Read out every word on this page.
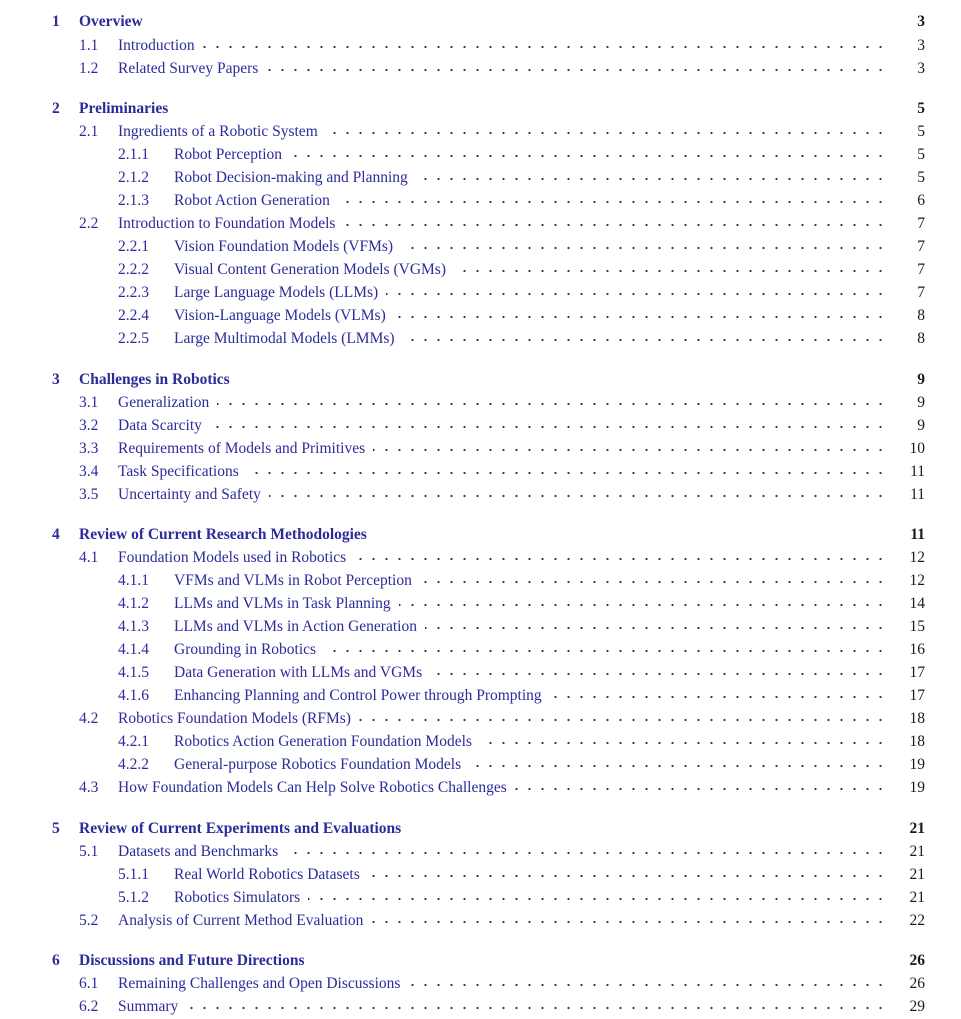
1 Overview	3
1.1 Introduction	3
1.2 Related Survey Papers	3
2 Preliminaries	5
2.1 Ingredients of a Robotic System	5
2.1.1 Robot Perception	5
2.1.2 Robot Decision-making and Planning	5
2.1.3 Robot Action Generation	6
2.2 Introduction to Foundation Models	7
2.2.1 Vision Foundation Models (VFMs)	7
2.2.2 Visual Content Generation Models (VGMs)	7
2.2.3 Large Language Models (LLMs)	7
2.2.4 Vision-Language Models (VLMs)	8
2.2.5 Large Multimodal Models (LMMs)	8
3 Challenges in Robotics	9
3.1 Generalization	9
3.2 Data Scarcity	9
3.3 Requirements of Models and Primitives	10
3.4 Task Specifications	11
3.5 Uncertainty and Safety	11
4 Review of Current Research Methodologies	11
4.1 Foundation Models used in Robotics	12
4.1.1 VFMs and VLMs in Robot Perception	12
4.1.2 LLMs and VLMs in Task Planning	14
4.1.3 LLMs and VLMs in Action Generation	15
4.1.4 Grounding in Robotics	16
4.1.5 Data Generation with LLMs and VGMs	17
4.1.6 Enhancing Planning and Control Power through Prompting	17
4.2 Robotics Foundation Models (RFMs)	18
4.2.1 Robotics Action Generation Foundation Models	18
4.2.2 General-purpose Robotics Foundation Models	19
4.3 How Foundation Models Can Help Solve Robotics Challenges	19
5 Review of Current Experiments and Evaluations	21
5.1 Datasets and Benchmarks	21
5.1.1 Real World Robotics Datasets	21
5.1.2 Robotics Simulators	21
5.2 Analysis of Current Method Evaluation	22
6 Discussions and Future Directions	26
6.1 Remaining Challenges and Open Discussions	26
6.2 Summary	29
